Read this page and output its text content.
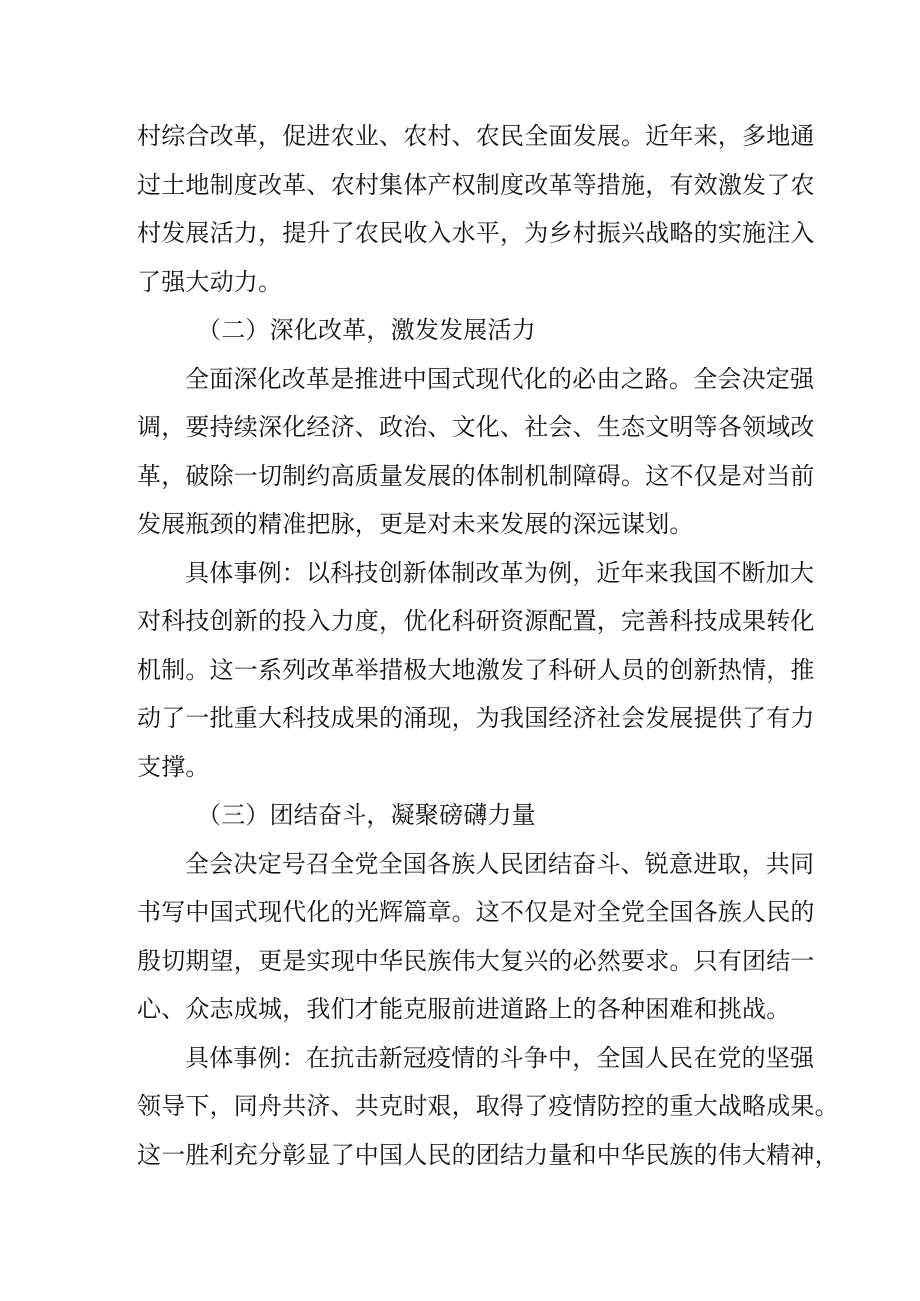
村综合改革，促进农业、农村、农民全面发展。近年来，多地通
过土地制度改革、农村集体产权制度改革等措施，有效激发了农
村发展活力，提升了农民收入水平，为乡村振兴战略的实施注入
了强大动力。
（二）深化改革，激发发展活力
全面深化改革是推进中国式现代化的必由之路。全会决定强
调，要持续深化经济、政治、文化、社会、生态文明等各领域改
革，破除一切制约高质量发展的体制机制障碍。这不仅是对当前
发展瓶颈的精准把脉，更是对未来发展的深远谋划。
具体事例：以科技创新体制改革为例，近年来我国不断加大
对科技创新的投入力度，优化科研资源配置，完善科技成果转化
机制。这一系列改革举措极大地激发了科研人员的创新热情，推
动了一批重大科技成果的涌现，为我国经济社会发展提供了有力
支撑。
（三）团结奋斗，凝聚磅礴力量
全会决定号召全党全国各族人民团结奋斗、锐意进取，共同
书写中国式现代化的光辉篇章。这不仅是对全党全国各族人民的
殷切期望，更是实现中华民族伟大复兴的必然要求。只有团结一
心、众志成城，我们才能克服前进道路上的各种困难和挑战。
具体事例：在抗击新冠疫情的斗争中，全国人民在党的坚强
领导下，同舟共济、共克时艰，取得了疫情防控的重大战略成果。
这一胜利充分彰显了中国人民的团结力量和中华民族的伟大精神，
